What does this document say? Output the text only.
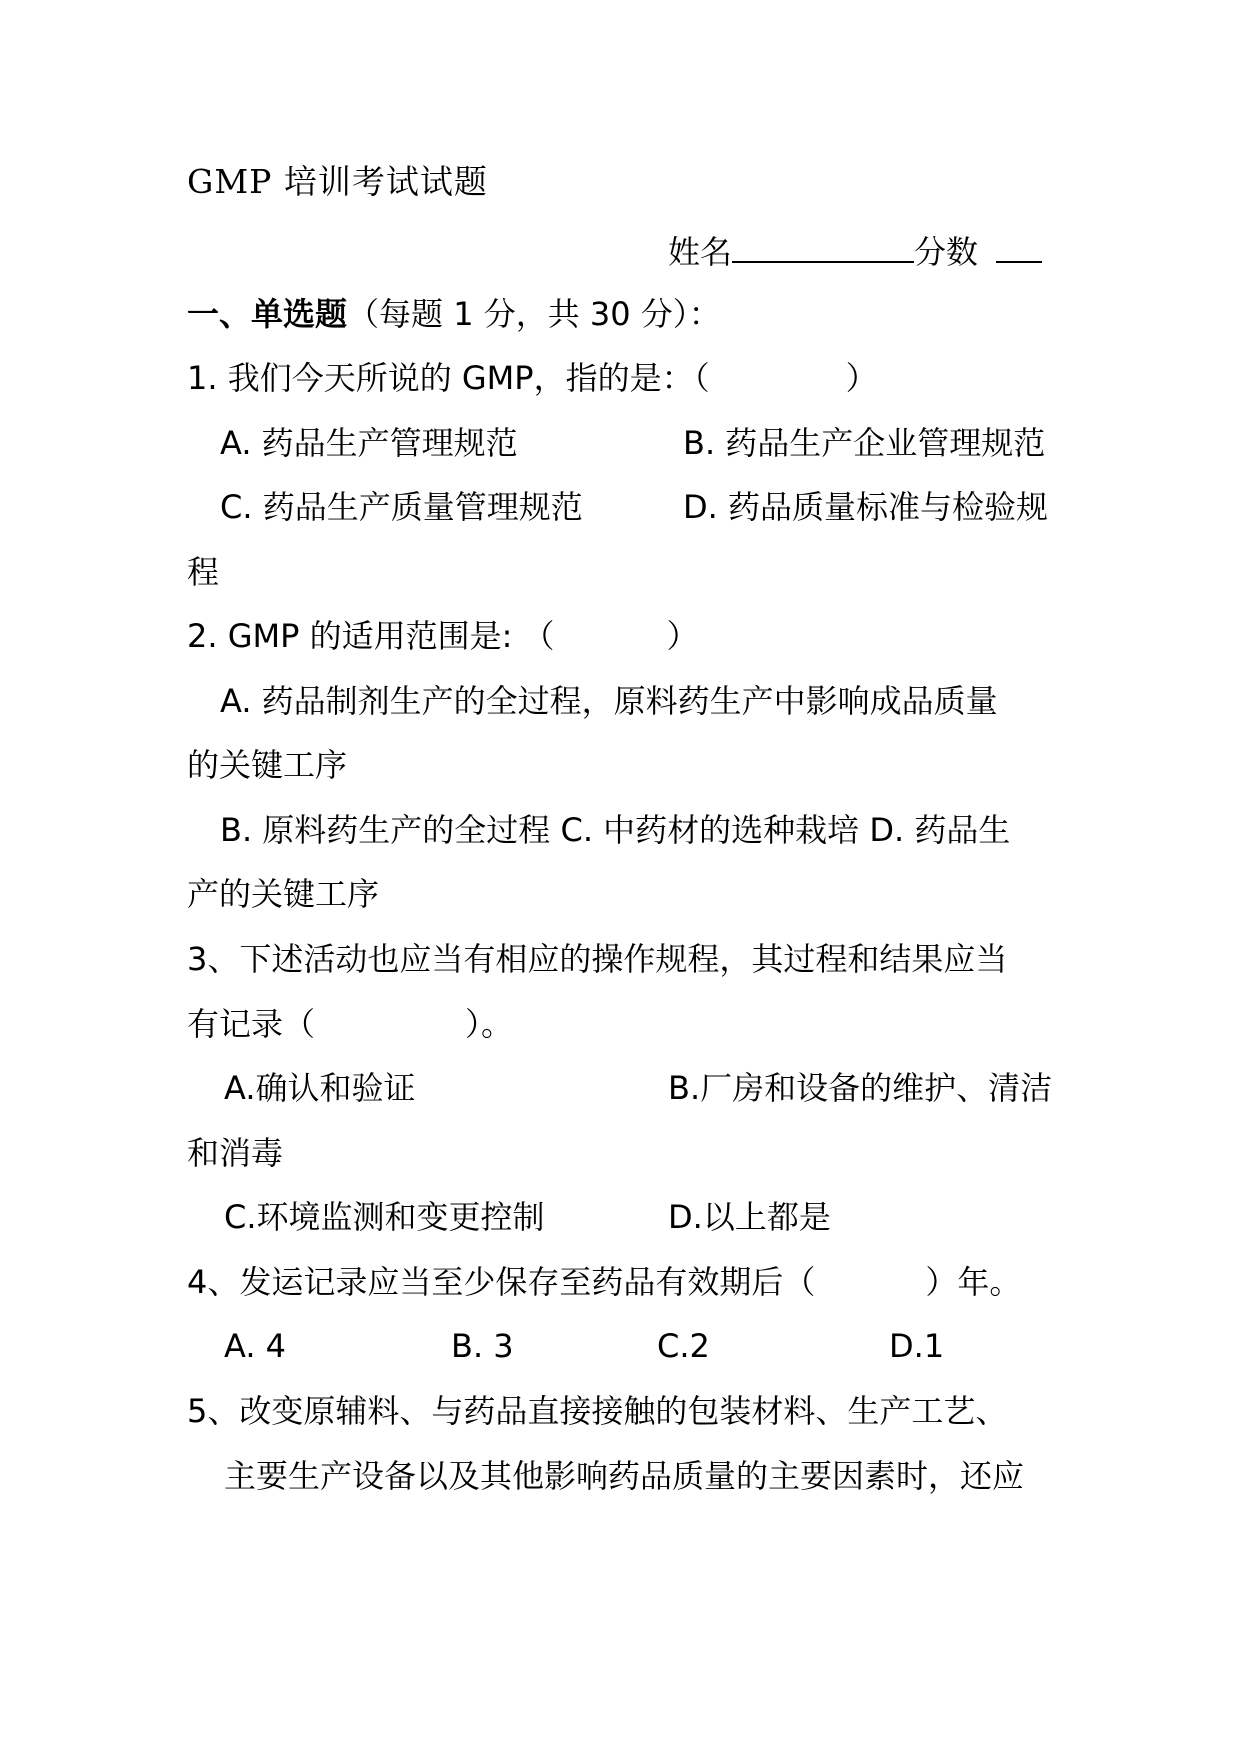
GMP 培训考试试题
姓名	分数
一、单选题（每题 1 分，共 30 分）：
1. 我们今天所说的 GMP，指的是：（	）
A. 药品生产管理规范	B. 药品生产企业管理规范
C. 药品生产质量管理规范	D. 药品质量标准与检验规
程
2. GMP 的适用范围是: （	）
A. 药品制剂生产的全过程，原料药生产中影响成品质量
的关键工序
B. 原料药生产的全过程 C. 中药材的选种栽培 D. 药品生
产的关键工序
3、下述活动也应当有相应的操作规程，其过程和结果应当
有记录（	）。
A.确认和验证	B.厂房和设备的维护、清洁
和消毒
C.环境监测和变更控制	D.以上都是
4、发运记录应当至少保存至药品有效期后（	）年。
A. 4	B. 3	C.2	D.1
5、改变原辅料、与药品直接接触的包装材料、生产工艺、
主要生产设备以及其他影响药品质量的主要因素时，还应
